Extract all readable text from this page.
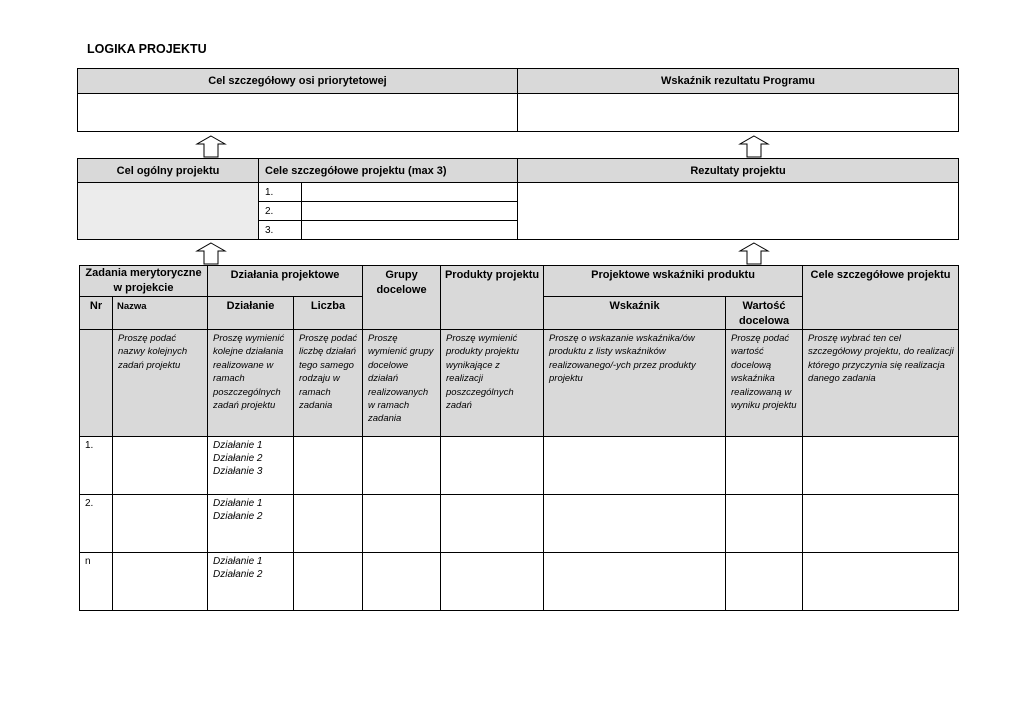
LOGIKA PROJEKTU
Cel szczegółowy osi priorytetowej	Wskaźnik rezultatu Programu

Cel ogólny projektu	Cele szczegółowe projektu (max 3)		Rezultaty projektu
	1.		
	2.		
	3.		
Zadania merytoryczne w projekcie		Działania projektowe		Grupy docelowe	Produkty projektu	Projektowe wskaźniki produktu		Cele szczegółowe projektu
Nr	Nazwa	Działanie	Liczba			Wskaźnik	Wartość docelowa	

	Proszę podać nazwy kolejnych zadań projektu	Proszę wymienić kolejne działania realizowane w ramach poszczególnych zadań projektu	Proszę podać liczbę działań tego samego rodzaju w ramach zadania	Proszę wymienić grupy docelowe działań realizowanych w ramach zadania	Proszę wymienić produkty projektu wynikające z realizacji poszczególnych zadań	Proszę o wskazanie wskaźnika/ów produktu z listy wskaźników realizowanego/-ych przez produkty projektu	Proszę podać wartość docelową wskaźnika realizowaną w wyniku projektu	Proszę wybrać ten cel szczegółowy projektu, do realizacji którego przyczynia się realizacja danego zadania

1.		Działanie 1
Działanie 2
Działanie 3						

2.		Działanie 1
Działanie 2						

n		Działanie 1
Działanie 2						
